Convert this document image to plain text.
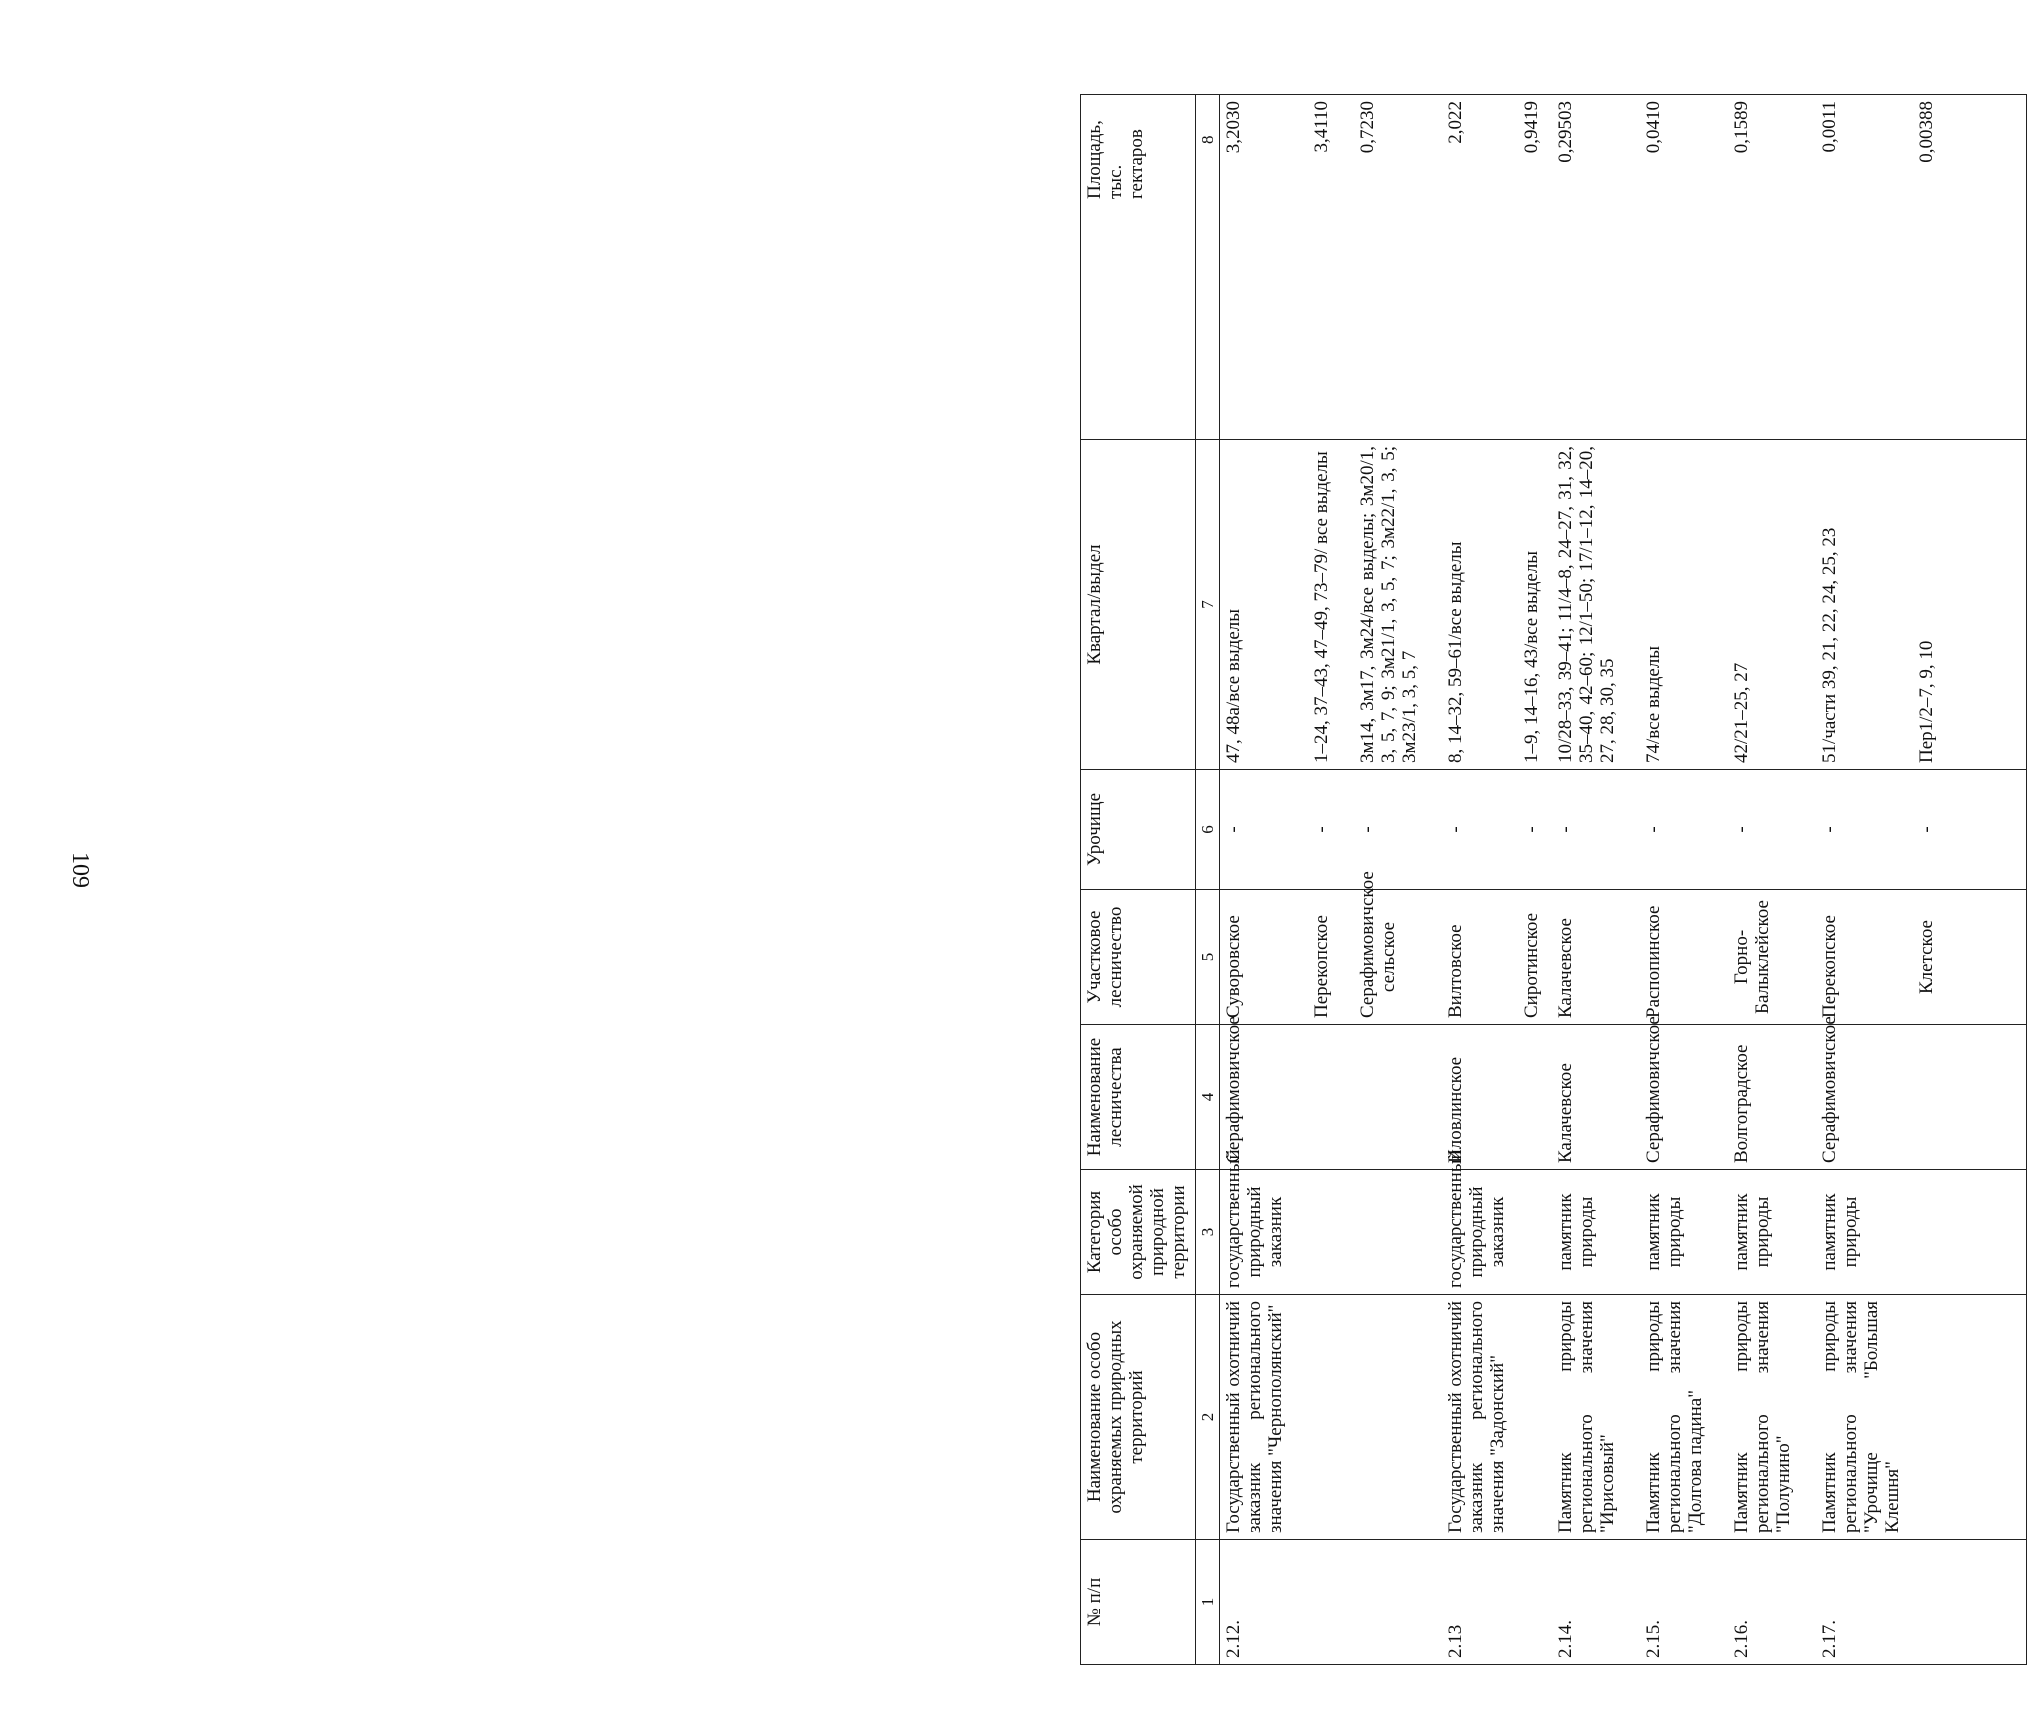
109
№ п/п	Наименование особо охраняемых природных территорий	Категория особо охраняемой природной территории	Наименование лесничества	Участковое лесничество	Урочище	Квартал/выдел	Площадь, тыс. гектаров
1	2	3	4	5	6	7	8
2.12.	Государственный охотничий заказник регионального значения "Чернополянский"	государственный природный заказник	Серафимовичское	Суворовское	-	47, 48а/все выделы	3,2030
				Перекопское	-	1–24, 37–43, 47–49, 73–79/ все выделы	3,4110
				Серафимовичское сельское	-	3м14, 3м17, 3м24/все выделы; 3м20/1, 3, 5, 7, 9; 3м21/1, 3, 5, 7; 3м22/1, 3, 5; 3м23/1, 3, 5, 7	0,7230
2.13	Государственный охотничий заказник регионального значения "Задонский"	государственный природный заказник	Иловлинское	Вилтовское	-	8, 14–32, 59–61/все выделы	2,022
				Сиротинское	-	1–9, 14–16, 43/все выделы	0,9419
2.14.	Памятник природы регионального значения "Ирисовый"	памятник природы	Калачевское	Калачевское	-	10/28–33, 39–41; 11/4–8, 24–27, 31, 32, 35–40, 42–60; 12/1–50; 17/1–12, 14–20, 27, 28, 30, 35	0,29503
2.15.	Памятник природы регионального значения "Долгова падина"	памятник природы	Серафимовичское	Распопинское	-	74/все выделы	0,0410
2.16.	Памятник природы регионального значения "Полунино"	памятник природы	Волгоградское	Горно-Балыклейское	-	42/21–25, 27	0,1589
2.17.	Памятник природы регионального значения "Урочище "Большая Клешня"	памятник природы	Серафимовичское	Перекопское	-	51/части 39, 21, 22, 24, 25, 23	0,0011
				Клетское	-	Пер1/2–7, 9, 10	0,00388
